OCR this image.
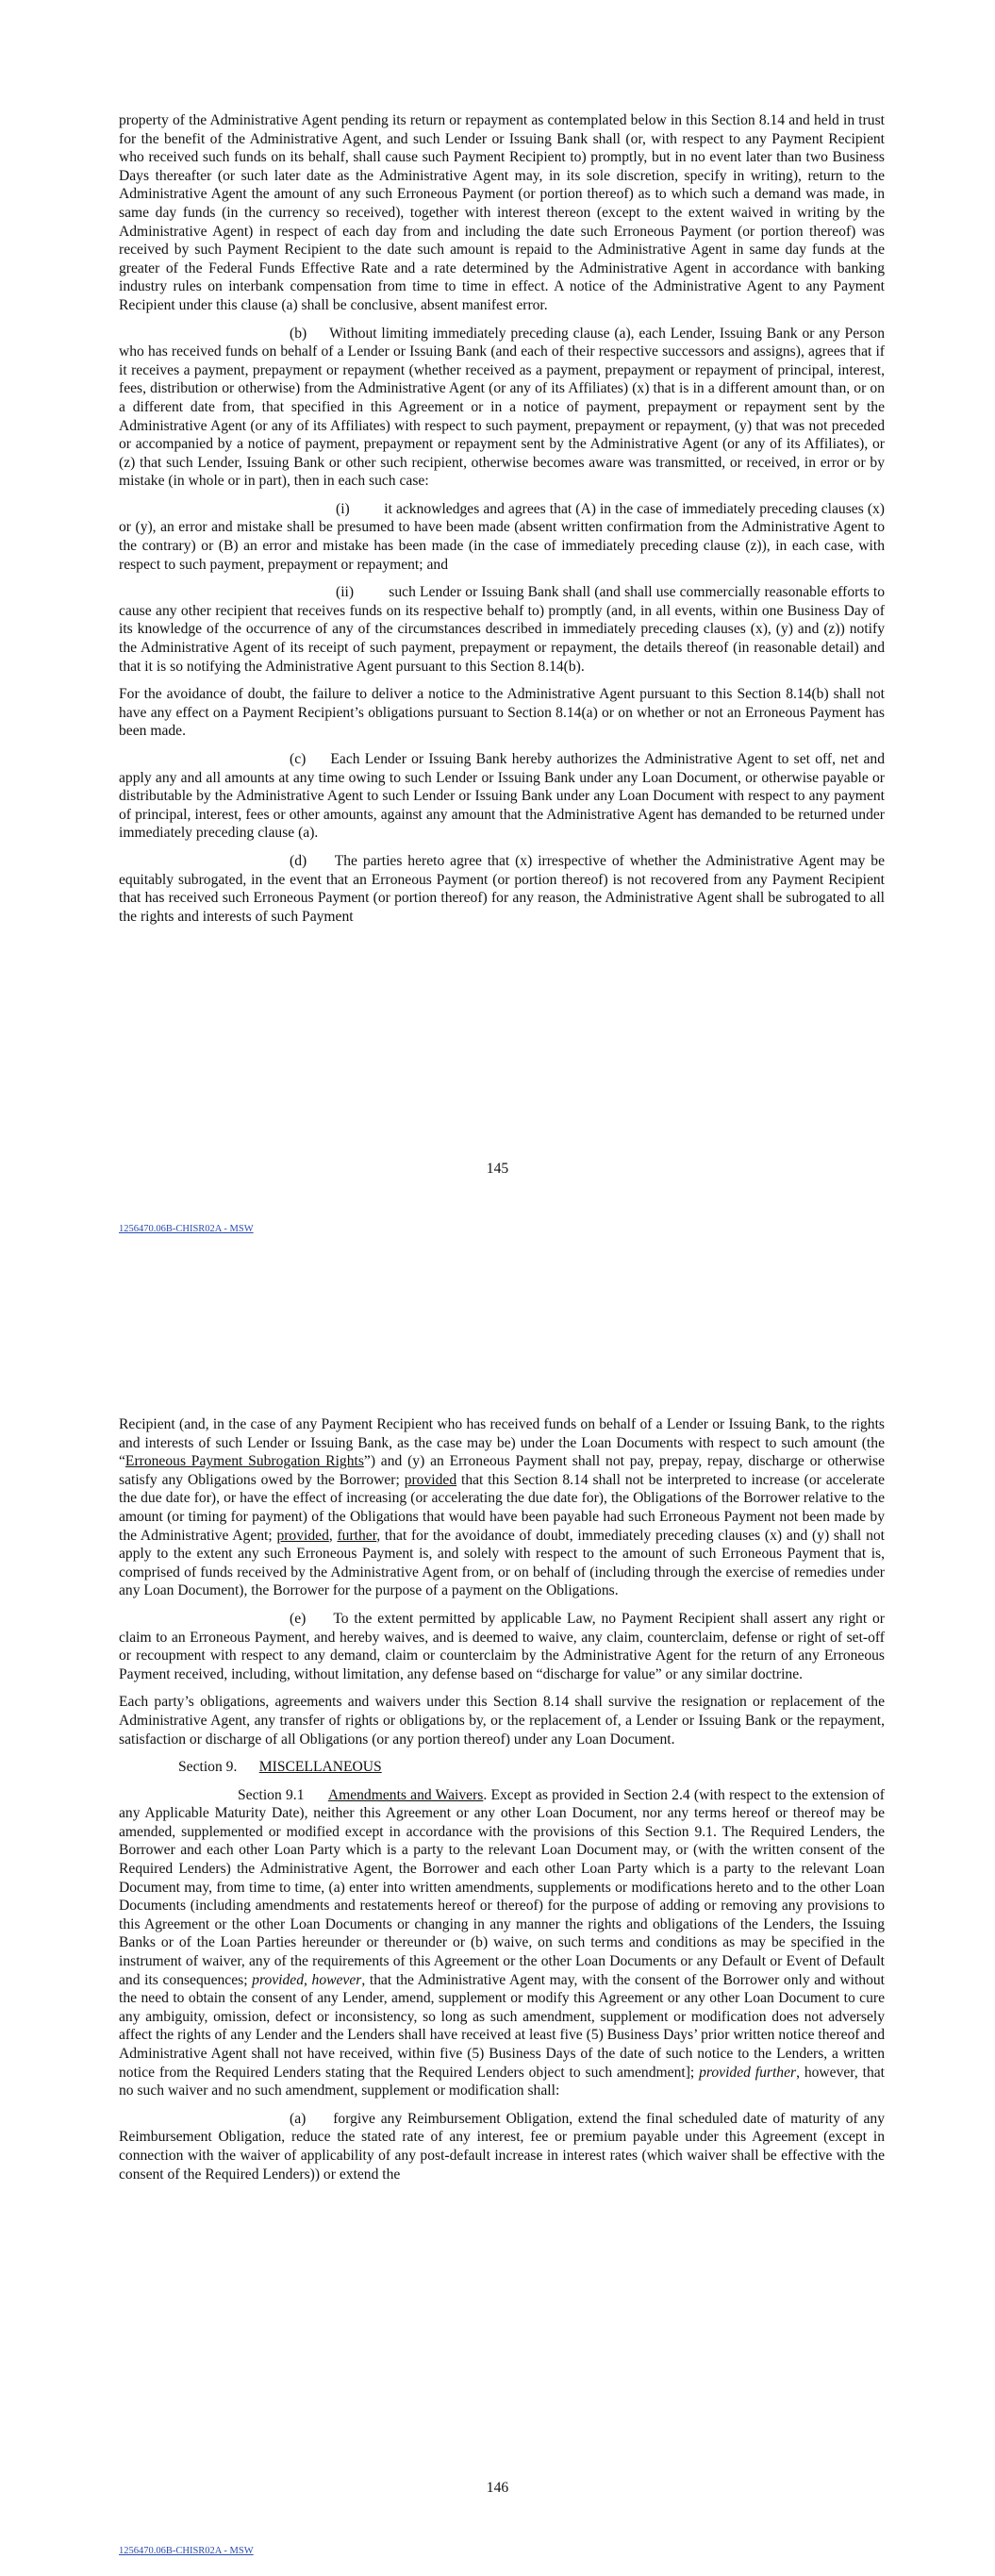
property of the Administrative Agent pending its return or repayment as contemplated below in this Section 8.14 and held in trust for the benefit of the Administrative Agent, and such Lender or Issuing Bank shall (or, with respect to any Payment Recipient who received such funds on its behalf, shall cause such Payment Recipient to) promptly, but in no event later than two Business Days thereafter (or such later date as the Administrative Agent may, in its sole discretion, specify in writing), return to the Administrative Agent the amount of any such Erroneous Payment (or portion thereof) as to which such a demand was made, in same day funds (in the currency so received), together with interest thereon (except to the extent waived in writing by the Administrative Agent) in respect of each day from and including the date such Erroneous Payment (or portion thereof) was received by such Payment Recipient to the date such amount is repaid to the Administrative Agent in same day funds at the greater of the Federal Funds Effective Rate and a rate determined by the Administrative Agent in accordance with banking industry rules on interbank compensation from time to time in effect. A notice of the Administrative Agent to any Payment Recipient under this clause (a) shall be conclusive, absent manifest error.

(b)     Without limiting immediately preceding clause (a), each Lender, Issuing Bank or any Person who has received funds on behalf of a Lender or Issuing Bank (and each of their respective successors and assigns), agrees that if it receives a payment, prepayment or repayment (whether received as a payment, prepayment or repayment of principal, interest, fees, distribution or otherwise) from the Administrative Agent (or any of its Affiliates) (x) that is in a different amount than, or on a different date from, that specified in this Agreement or in a notice of payment, prepayment or repayment sent by the Administrative Agent (or any of its Affiliates) with respect to such payment, prepayment or repayment, (y) that was not preceded or accompanied by a notice of payment, prepayment or repayment sent by the Administrative Agent (or any of its Affiliates), or (z) that such Lender, Issuing Bank or other such recipient, otherwise becomes aware was transmitted, or received, in error or by mistake (in whole or in part), then in each such case:

(i)         it acknowledges and agrees that (A) in the case of immediately preceding clauses (x) or (y), an error and mistake shall be presumed to have been made (absent written confirmation from the Administrative Agent to the contrary) or (B) an error and mistake has been made (in the case of immediately preceding clause (z)), in each case, with respect to such payment, prepayment or repayment; and

(ii)         such Lender or Issuing Bank shall (and shall use commercially reasonable efforts to cause any other recipient that receives funds on its respective behalf to) promptly (and, in all events, within one Business Day of its knowledge of the occurrence of any of the circumstances described in immediately preceding clauses (x), (y) and (z)) notify the Administrative Agent of its receipt of such payment, prepayment or repayment, the details thereof (in reasonable detail) and that it is so notifying the Administrative Agent pursuant to this Section 8.14(b).

For the avoidance of doubt, the failure to deliver a notice to the Administrative Agent pursuant to this Section 8.14(b) shall not have any effect on a Payment Recipient’s obligations pursuant to Section 8.14(a) or on whether or not an Erroneous Payment has been made.

(c)     Each Lender or Issuing Bank hereby authorizes the Administrative Agent to set off, net and apply any and all amounts at any time owing to such Lender or Issuing Bank under any Loan Document, or otherwise payable or distributable by the Administrative Agent to such Lender or Issuing Bank under any Loan Document with respect to any payment of principal, interest, fees or other amounts, against any amount that the Administrative Agent has demanded to be returned under immediately preceding clause (a).

(d)     The parties hereto agree that (x) irrespective of whether the Administrative Agent may be equitably subrogated, in the event that an Erroneous Payment (or portion thereof) is not recovered from any Payment Recipient that has received such Erroneous Payment (or portion thereof) for any reason, the Administrative Agent shall be subrogated to all the rights and interests of such Payment

145
1256470.06B-CHISR02A - MSW

Recipient (and, in the case of any Payment Recipient who has received funds on behalf of a Lender or Issuing Bank, to the rights and interests of such Lender or Issuing Bank, as the case may be) under the Loan Documents with respect to such amount (the “Erroneous Payment Subrogation Rights”) and (y) an Erroneous Payment shall not pay, prepay, repay, discharge or otherwise satisfy any Obligations owed by the Borrower; provided that this Section 8.14 shall not be interpreted to increase (or accelerate the due date for), or have the effect of increasing (or accelerating the due date for), the Obligations of the Borrower relative to the amount (or timing for payment) of the Obligations that would have been payable had such Erroneous Payment not been made by the Administrative Agent; provided, further, that for the avoidance of doubt, immediately preceding clauses (x) and (y) shall not apply to the extent any such Erroneous Payment is, and solely with respect to the amount of such Erroneous Payment that is, comprised of funds received by the Administrative Agent from, or on behalf of (including through the exercise of remedies under any Loan Document), the Borrower for the purpose of a payment on the Obligations.

(e)     To the extent permitted by applicable Law, no Payment Recipient shall assert any right or claim to an Erroneous Payment, and hereby waives, and is deemed to waive, any claim, counterclaim, defense or right of set-off or recoupment with respect to any demand, claim or counterclaim by the Administrative Agent for the return of any Erroneous Payment received, including, without limitation, any defense based on “discharge for value” or any similar doctrine.

Each party’s obligations, agreements and waivers under this Section 8.14 shall survive the resignation or replacement of the Administrative Agent, any transfer of rights or obligations by, or the replacement of, a Lender or Issuing Bank or the repayment, satisfaction or discharge of all Obligations (or any portion thereof) under any Loan Document.

Section 9.      MISCELLANEOUS

Section 9.1      Amendments and Waivers. Except as provided in Section 2.4 (with respect to the extension of any Applicable Maturity Date), neither this Agreement or any other Loan Document, nor any terms hereof or thereof may be amended, supplemented or modified except in accordance with the provisions of this Section 9.1. The Required Lenders, the Borrower and each other Loan Party which is a party to the relevant Loan Document may, or (with the written consent of the Required Lenders) the Administrative Agent, the Borrower and each other Loan Party which is a party to the relevant Loan Document may, from time to time, (a) enter into written amendments, supplements or modifications hereto and to the other Loan Documents (including amendments and restatements hereof or thereof) for the purpose of adding or removing any provisions to this Agreement or the other Loan Documents or changing in any manner the rights and obligations of the Lenders, the Issuing Banks or of the Loan Parties hereunder or thereunder or (b) waive, on such terms and conditions as may be specified in the instrument of waiver, any of the requirements of this Agreement or the other Loan Documents or any Default or Event of Default and its consequences; provided, however, that the Administrative Agent may, with the consent of the Borrower only and without the need to obtain the consent of any Lender, amend, supplement or modify this Agreement or any other Loan Document to cure any ambiguity, omission, defect or inconsistency, so long as such amendment, supplement or modification does not adversely affect the rights of any Lender and the Lenders shall have received at least five (5) Business Days’ prior written notice thereof and Administrative Agent shall not have received, within five (5) Business Days of the date of such notice to the Lenders, a written notice from the Required Lenders stating that the Required Lenders object to such amendment]; provided further, however, that no such waiver and no such amendment, supplement or modification shall:

(a)     forgive any Reimbursement Obligation, extend the final scheduled date of maturity of any Reimbursement Obligation, reduce the stated rate of any interest, fee or premium payable under this Agreement (except in connection with the waiver of applicability of any post-default increase in interest rates (which waiver shall be effective with the consent of the Required Lenders)) or extend the

146
1256470.06B-CHISR02A - MSW
